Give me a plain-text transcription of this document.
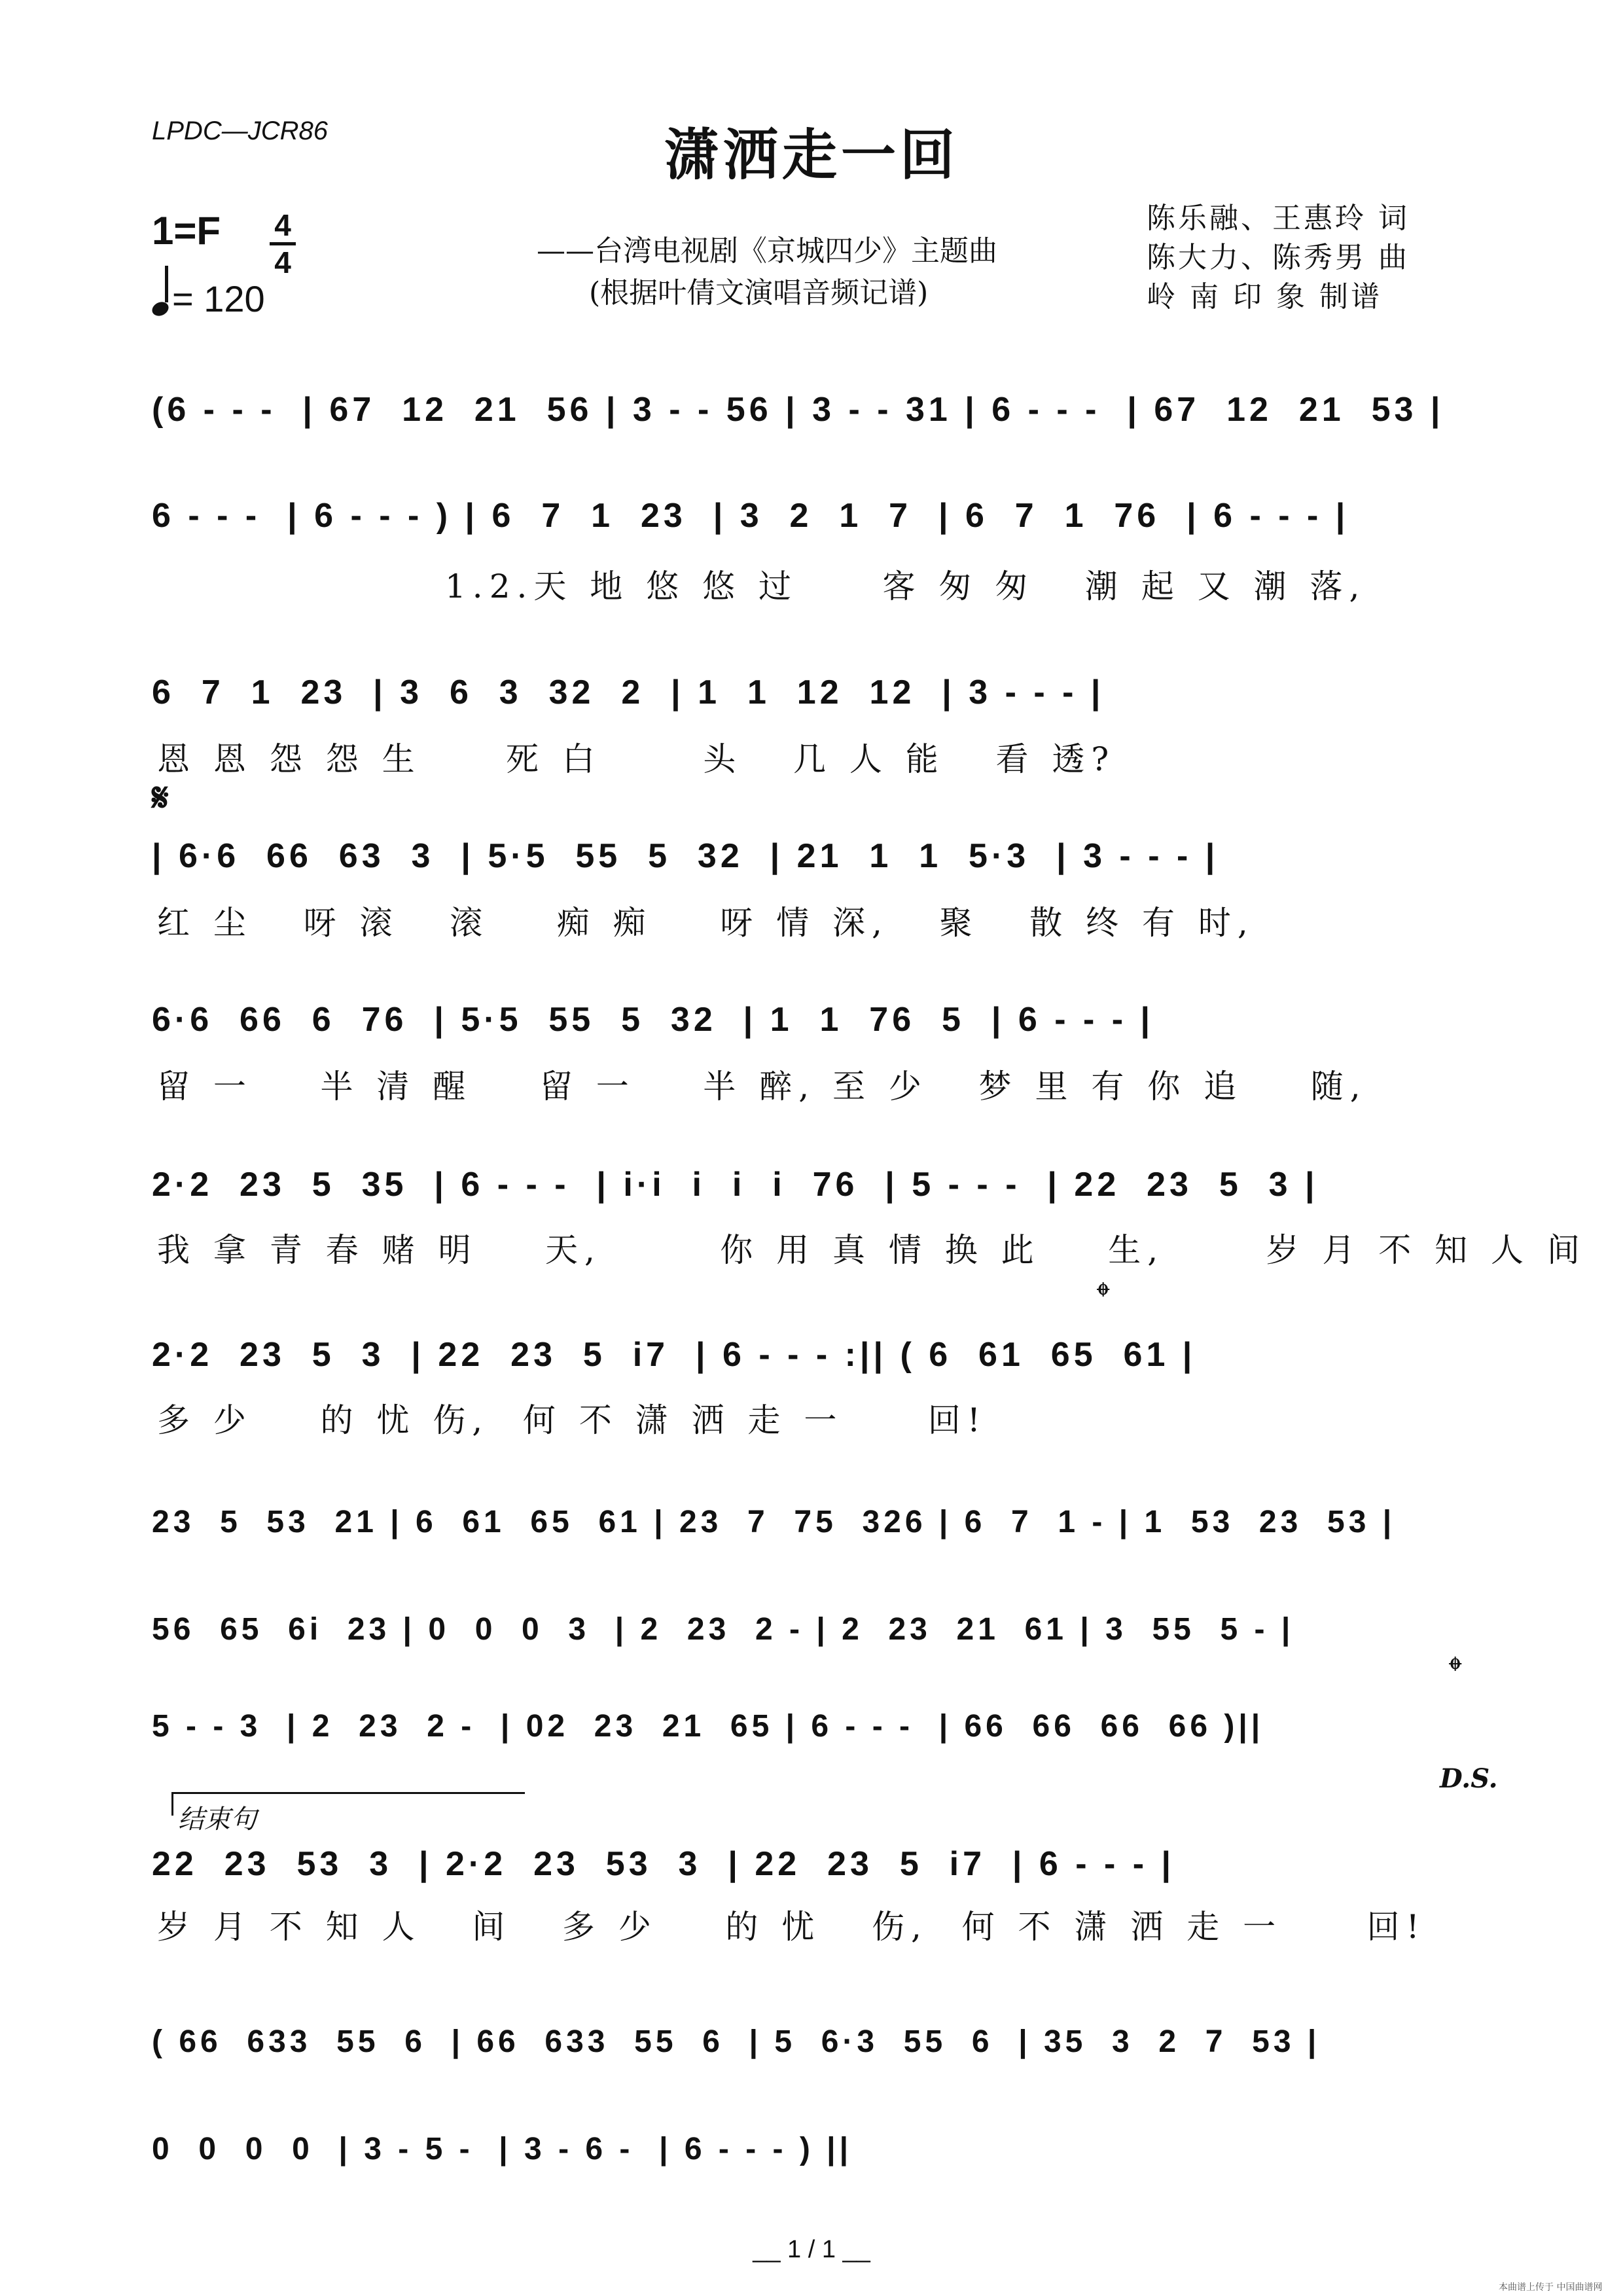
LPDC—JCR86	潇洒走一回
1=F 4
4
= 120
——台湾电视剧《京城四少》主题曲
(根据叶倩文演唱音频记谱)
陈乐融、王惠玲 词
陈大力、陈秀男 曲
岭 南 印 象 制谱
(6 - - -  | 67  12  21  56 | 3 - - 56 | 3 - - 31 | 6 - - -  | 67  12  21  53 |
6 - - -  | 6 - - - ) | 6  7  1  23  | 3  2  1  7  | 6  7  1  76  | 6 - - - |
1.2.天 地 悠 悠 过     客 匆 匆   潮 起 又 潮 落,
6  7  1  23  | 3  6  3  32  2  | 1  1  12  12  | 3 - - - |
恩 恩 怨 怨 生     死 白      头   几 人 能   看 透?
𝄋
| 6·6  66  63  3  | 5·5  55  5  32  | 21  1  1  5·3  | 3 - - - |
红 尘   呀 滚   滚    痴 痴    呀 情 深,   聚   散 终 有 时,
6·6  66  6  76  | 5·5  55  5  32  | 1  1  76  5  | 6 - - - |
留 一    半 清 醒    留 一    半 醉, 至 少   梦 里 有 你 追    随,
2·2  23  5  35  | 6 - - -  | i·i  i  i  i  76  | 5 - - -  | 22  23  5  3 |
我 拿 青 春 赌 明    天,       你 用 真 情 换 此    生,      岁 月 不 知 人 间
𝄌
2·2  23  5  3  | 22  23  5  i7  | 6 - - - :|| ( 6  61  65  61 |
多 少    的 忧 伤,  何 不 潇 洒 走 一     回!
23  5  53  21 | 6  61  65  61 | 23  7  75  326 | 6  7  1 - | 1  53  23  53 |
56  65  6i  23 | 0  0  0  3  | 2  23  2 - | 2  23  21  61 | 3  55  5 - |
𝄌
5 - - 3  | 2  23  2 -  | 02  23  21  65 | 6 - - -  | 66  66  66  66 )||
D.S.
结束句
22  23  53  3  | 2·2  23  53  3  | 22  23  5  i7  | 6 - - - |
岁 月 不 知 人   间   多 少    的 忧   伤,  何 不 潇 洒 走 一     回!
( 66  633  55  6  | 66  633  55  6  | 5  6·3  55  6  | 35  3  2  7  53 |
0  0  0  0  | 3 - 5 -  | 3 - 6 -  | 6 - - - ) ||
__ 1 / 1 __
本曲谱上传于 中国曲谱网
